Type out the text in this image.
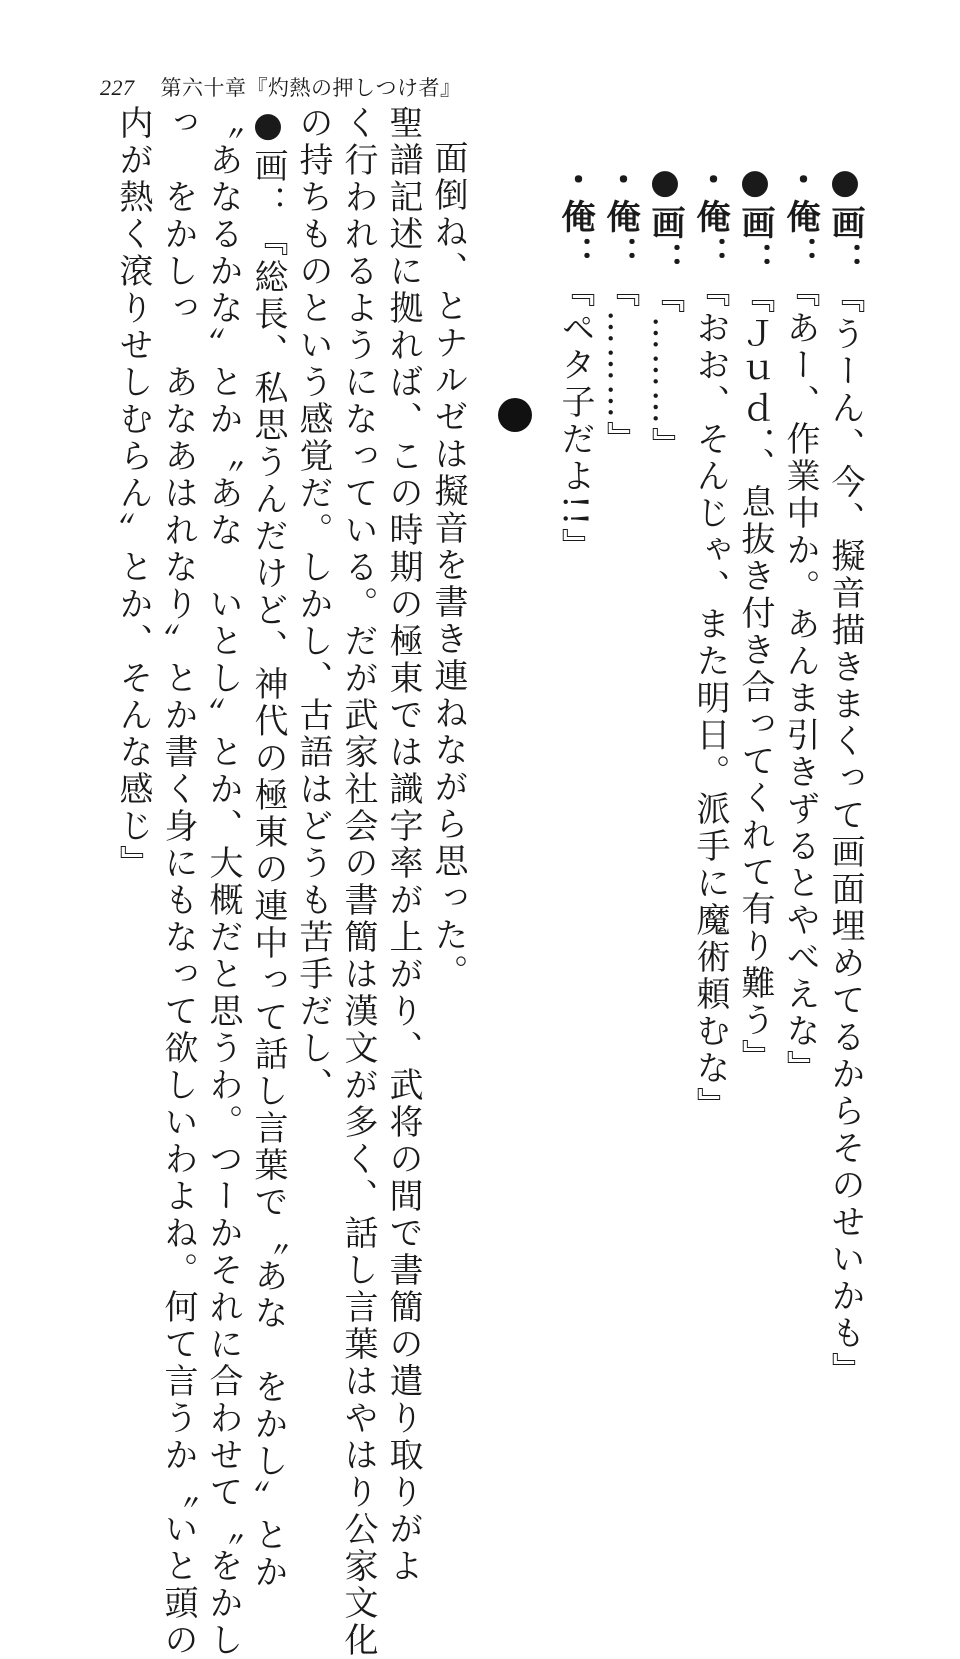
227 第六十章『灼熱の押しつけ者』
●画：『うーん、今、擬音描きまくって画面埋めてるからそのせいかも』
・俺：『あー、作業中か。あんま引きずるとやべえな』
●画：『Ｊｕｄ．、息抜き付き合ってくれて有り難う』
・俺：『おお、そんじゃ、また明日。派手に魔術頼むな』
●画：『………』
・俺：『………』
・俺：『ペタ子だよ!!』
面倒ね、とナルゼは擬音を書き連ねながら思った。
聖譜記述に拠れば、この時期の極東では識字率が上がり、武将の間で書簡の遣り取りがよ
く行われるようになっている。だが武家社会の書簡は漢文が多く、話し言葉はやはり公家文化
の持ちものという感覚だ。しかし、古語はどうも苦手だし、
●画：『総長、私思うんだけど、神代の極東の連中って話し言葉で〝あな　をかし〟とか
〝あなるかな〟とか〝あな　いとし〟とか、大概だと思うわ。つーかそれに合わせて〝をかし
っ　をかしっ　あなあはれなり〟とか書く身にもなって欲しいわよね。何て言うか〝いと頭の
内が熱く滾りせしむらん〟とか、そんな感じ』
